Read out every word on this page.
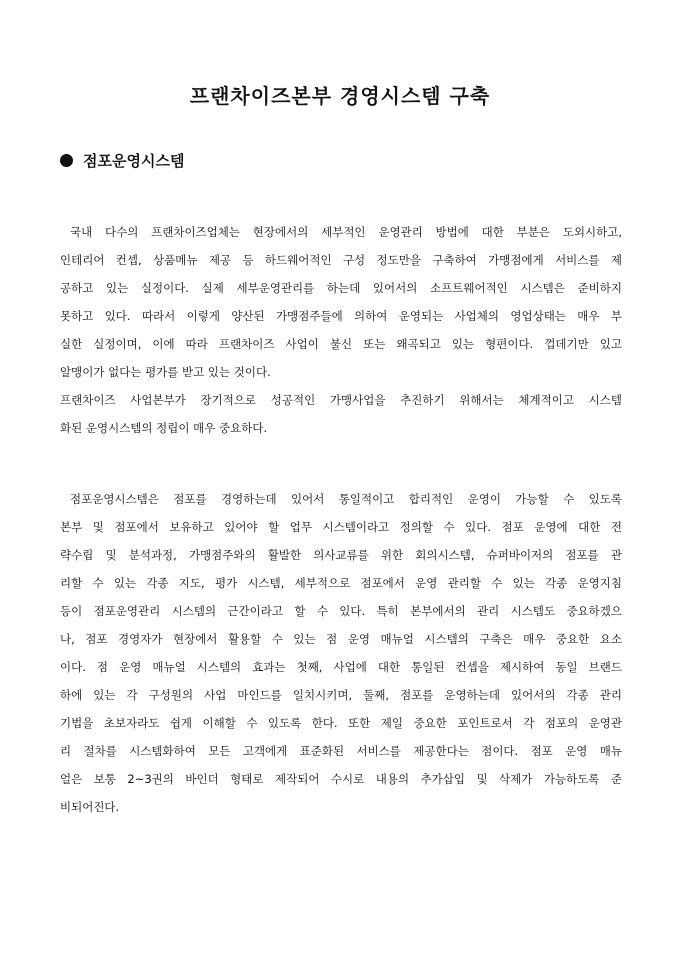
프랜차이즈본부 경영시스템 구축
점포운영시스템
국내 다수의 프랜차이즈업체는 현장에서의 세부적인 운영관리 방법에 대한 부분은 도외시하고,
인테리어 컨셉, 상품메뉴 제공 등 하드웨어적인 구성 정도만을 구축하여 가맹점에게 서비스를 제
공하고 있는 실정이다. 실제 세부운영관리를 하는데 있어서의 소프트웨어적인 시스템은 준비하지
못하고 있다. 따라서 이렇게 양산된 가맹점주들에 의하여 운영되는 사업체의 영업상태는 매우 부
실한 실정이며, 이에 따라 프랜차이즈 사업이 불신 또는 왜곡되고 있는 형편이다. 껍데기만 있고
알맹이가 없다는 평가를 받고 있는 것이다.
프랜차이즈 사업본부가 장기적으로 성공적인 가맹사업을 추진하기 위해서는 체계적이고 시스템
화된 운영시스템의 정립이 매우 중요하다.
점포운영시스템은 점포를 경영하는데 있어서 통일적이고 합리적인 운영이 가능할 수 있도록
본부 및 점포에서 보유하고 있어야 할 업무 시스템이라고 정의할 수 있다. 점포 운영에 대한 전
략수립 및 분석과정, 가맹점주와의 활발한 의사교류를 위한 회의시스템, 슈퍼바이저의 점포를 관
리할 수 있는 각종 지도, 평가 시스템, 세부적으로 점포에서 운영 관리할 수 있는 각종 운영지침
등이 점포운영관리 시스템의 근간이라고 할 수 있다. 특히 본부에서의 관리 시스템도 중요하겠으
나, 점포 경영자가 현장에서 활용할 수 있는 점 운영 매뉴얼 시스템의 구축은 매우 중요한 요소
이다. 점 운영 매뉴얼 시스템의 효과는 첫째, 사업에 대한 통일된 컨셉을 제시하여 동일 브랜드
하에 있는 각 구성원의 사업 마인드를 일치시키며, 둘째, 점포를 운영하는데 있어서의 각종 관리
기법을 초보자라도 쉽게 이해할 수 있도록 한다. 또한 제일 중요한 포인트로서 각 점포의 운영관
리 절차를 시스템화하여 모든 고객에게 표준화된 서비스를 제공한다는 점이다. 점포 운영 매뉴
얼은 보통 2~3권의 바인더 형태로 제작되어 수시로 내용의 추가삽입 및 삭제가 가능하도록 준
비되어진다.
